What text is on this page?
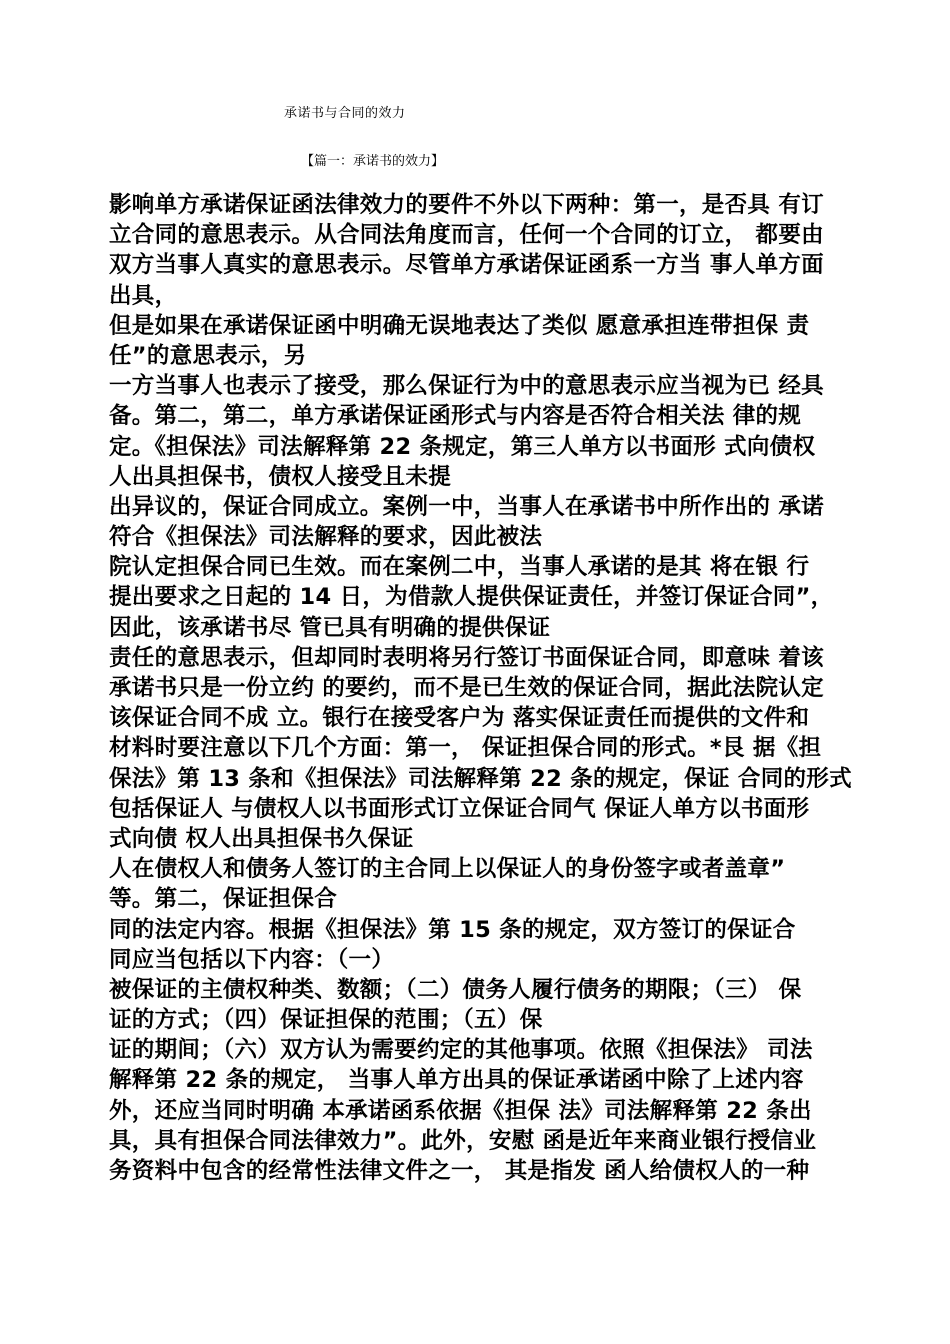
承诺书与合同的效力
【篇一：承诺书的效力】
影响单方承诺保证函法律效力的要件不外以下两种：第一，是否具 有订
立合同的意思表示。从合同法角度而言，任何一个合同的订立， 都要由
双方当事人真实的意思表示。尽管单方承诺保证函系一方当 事人单方面
出具，
但是如果在承诺保证函中明确无误地表达了类似 愿意承担连带担保 责
任”的意思表示，另
一方当事人也表示了接受，那么保证行为中的意思表示应当视为已 经具
备。第二，第二，单方承诺保证函形式与内容是否符合相关法 律的规
定。《担保法》司法解释第 22 条规定，第三人单方以书面形 式向债权
人出具担保书，债权人接受且未提
出异议的，保证合同成立。案例一中，当事人在承诺书中所作出的 承诺
符合《担保法》司法解释的要求，因此被法
院认定担保合同已生效。而在案例二中，当事人承诺的是其 将在银 行
提出要求之日起的 14 日，为借款人提供保证责任，并签订保证合同”，
因此，该承诺书尽 管已具有明确的提供保证
责任的意思表示，但却同时表明将另行签订书面保证合同，即意味 着该
承诺书只是一份立约 的要约，而不是已生效的保证合同，据此法院认定
该保证合同不成 立。银行在接受客户为 落实保证责任而提供的文件和
材料时要注意以下几个方面：第一， 保证担保合同的形式。*艮 据《担
保法》第 13 条和《担保法》司法解释第 22 条的规定，保证 合同的形式
包括保证人 与债权人以书面形式订立保证合同气 保证人单方以书面形
式向债 权人出具担保书久保证
人在债权人和债务人签订的主合同上以保证人的身份签字或者盖章”
等。第二，保证担保合
同的法定内容。根据《担保法》第 15 条的规定，双方签订的保证合
同应当包括以下内容：（一）
被保证的主债权种类、数额；（二）债务人履行债务的期限；（三） 保
证的方式；（四）保证担保的范围；（五）保
证的期间；（六）双方认为需要约定的其他事项。依照《担保法》 司法
解释第 22 条的规定， 当事人单方出具的保证承诺函中除了上述内容
外，还应当同时明确 本承诺函系依据《担保 法》司法解释第 22 条出
具，具有担保合同法律效力”。此外，安慰 函是近年来商业银行授信业
务资料中包含的经常性法律文件之一， 其是指发 函人给债权人的一种
